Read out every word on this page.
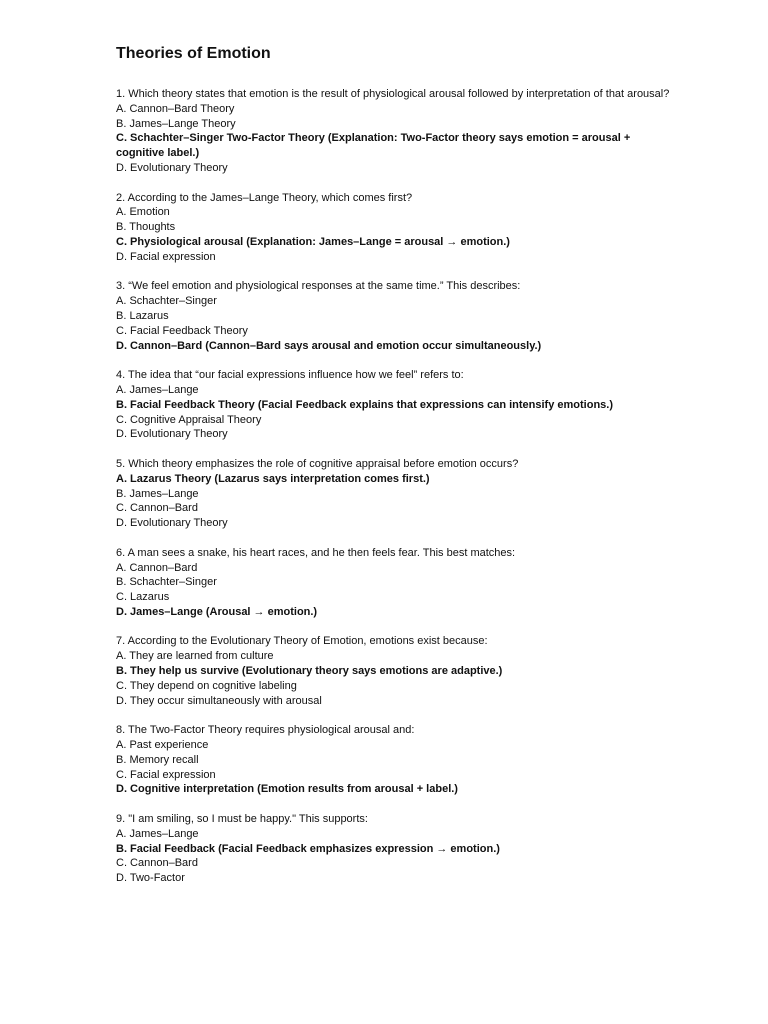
Theories of Emotion

1. Which theory states that emotion is the result of physiological arousal followed by interpretation of that arousal?

A. Cannon–Bard Theory

B. James–Lange Theory

C. Schachter–Singer Two-Factor Theory (Explanation: Two-Factor theory says emotion = arousal + cognitive label.)

D. Evolutionary Theory

2. According to the James–Lange Theory, which comes first?

A. Emotion

B. Thoughts

C. Physiological arousal (Explanation: James–Lange = arousal → emotion.)

D. Facial expression

3. “We feel emotion and physiological responses at the same time.” This describes:

A. Schachter–Singer

B. Lazarus

C. Facial Feedback Theory

D. Cannon–Bard (Cannon–Bard says arousal and emotion occur simultaneously.)

4. The idea that “our facial expressions influence how we feel” refers to:

A. James–Lange

B. Facial Feedback Theory (Facial Feedback explains that expressions can intensify emotions.)

C. Cognitive Appraisal Theory

D. Evolutionary Theory

5. Which theory emphasizes the role of cognitive appraisal before emotion occurs?

A. Lazarus Theory (Lazarus says interpretation comes first.)

B. James–Lange

C. Cannon–Bard

D. Evolutionary Theory

6. A man sees a snake, his heart races, and he then feels fear. This best matches:

A. Cannon–Bard

B. Schachter–Singer

C. Lazarus

D. James–Lange (Arousal → emotion.)

7. According to the Evolutionary Theory of Emotion, emotions exist because:

A. They are learned from culture

B. They help us survive (Evolutionary theory says emotions are adaptive.)

C. They depend on cognitive labeling

D. They occur simultaneously with arousal

8. The Two-Factor Theory requires physiological arousal and:

A. Past experience

B. Memory recall

C. Facial expression

D. Cognitive interpretation (Emotion results from arousal + label.)

9. "I am smiling, so I must be happy." This supports:

A. James–Lange

B. Facial Feedback (Facial Feedback emphasizes expression → emotion.)

C. Cannon–Bard

D. Two-Factor
